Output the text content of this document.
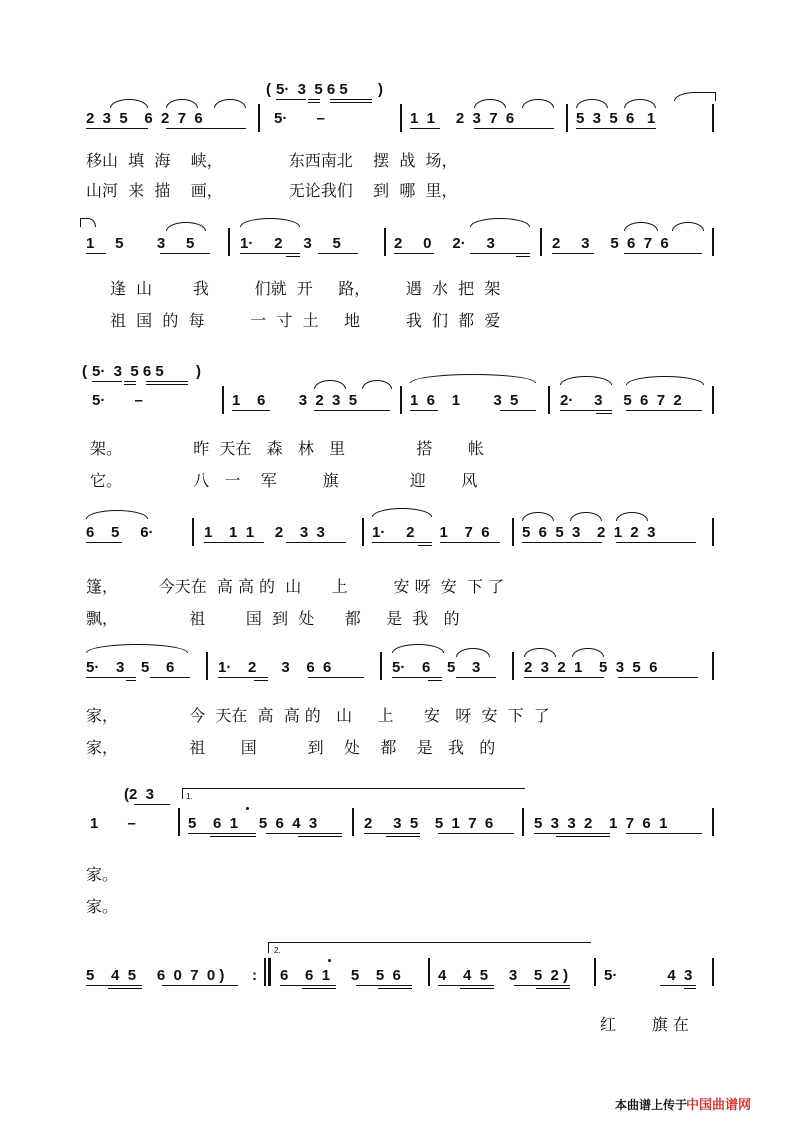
( 5·  3  5 6 5 )
2  3  5    6  2  7  6	5·       –	1  1     2  3  7  6	5  3  5  6   1
移山  填  海    峡，             东西南北    摆  战  场，
山河  来  描    画，             无论我们    到  哪  里，
1     5        3     5	1·     2     3     5	2     0     2·     3	2     3     5  6  7  6
逢  山        我         们就  开     路，       遇  水  把  架
祖  国  的  每         一  寸  土     地         我  们  都  爱
( 5·  3  5 6 5 )
5·       –	1    6        3  2  3  5	1  6    1        3  5	2·     3     5  6  7  2
架。              昨  天在   森   林   里              搭       帐
它。              八   一    军         旗              迎       风
6    5     6·	1    1  1     2    3  3	1·     2      1    7  6 5  6  5  3    2  1  2  3
篷，        今天在  高 高 的  山      上         安 呀  安  下 了
飘，              祖        国  到  处      都     是  我   的
5·    3    5    6	1·    2      3    6  6	5·    6    5    3	2  3  2  1    5  3  5  6
家，              今  天在  高  高 的   山     上      安   呀  安  下  了
家，              祖       国          到    处    都    是   我   的
(2  3	1.
1       –	5    6  1     5  6  4  3	2     3  5    5  1  7  6	5  3  3  2    1  7  6  1
家。
家。
2.
5    4  5     6  0  7  0 ) : 6    6  1     5    5  6 4    4  5     3    5  2 ) 5·            4  3
红       旗 在
本曲谱上传于
中国曲谱网
